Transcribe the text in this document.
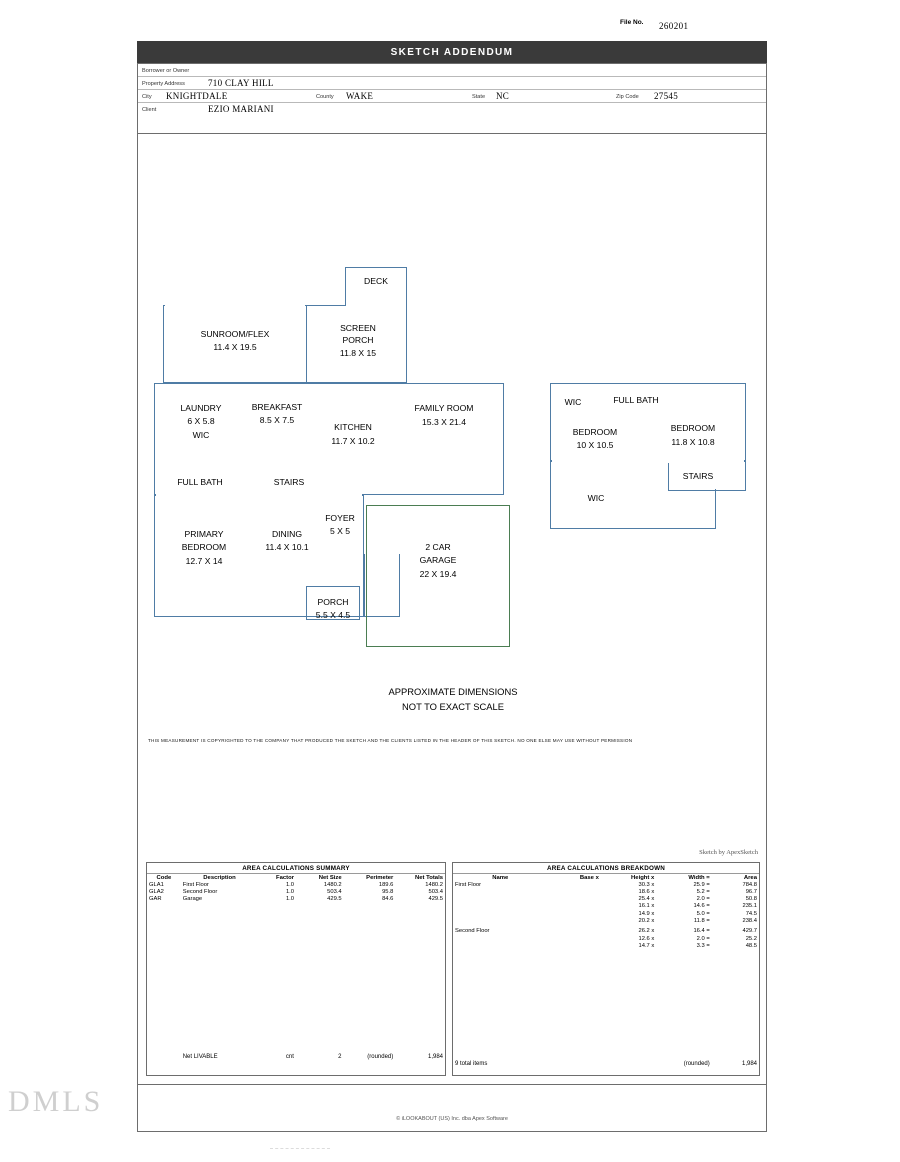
DMLS
File No. 260201
SKETCH ADDENDUM
Borrower or Owner
Property Address	710 CLAY HILL
City KNIGHTDALE	County WAKE	State NC	Zip Code 27545
Client	EZIO MARIANI
DECK
SUNROOM/FLEX
11.4 X 19.5
SCREEN
PORCH
11.8 X 15
LAUNDRY
6 X 5.8
WIC
BREAKFAST
8.5 X 7.5
KITCHEN
11.7 X 10.2
FAMILY ROOM
15.3 X 21.4
FULL BATH	STAIRS
FOYER
5 X 5
PRIMARY
BEDROOM
12.7 X 14
DINING
11.4 X 10.1
PORCH
5.5 X 4.5
2 CAR
GARAGE
22 X 19.4
WIC	FULL BATH
BEDROOM
10 X 10.5
BEDROOM
11.8 X 10.8
STAIRS
WIC
APPROXIMATE DIMENSIONS
NOT TO EXACT SCALE
THIS MEASUREMENT IS COPYRIGHTED TO THE COMPANY THAT PRODUCED THE SKETCH AND THE CLIENTS LISTED IN THE HEADER OF THIS SKETCH. NO ONE ELSE MAY USE WITHOUT PERMISSION
Sketch by ApexSketch
AREA CALCULATIONS SUMMARY
Code	Description	Factor	Net Size	Perimeter	Net Totals
GLA1	First Floor	1.0	1480.2	189.6	1480.2
GLA2	Second Floor	1.0	503.4	95.8	503.4
GAR	Garage	1.0	429.5	84.6	429.5
	Net LIVABLE	cnt	2	(rounded)	1,984
AREA CALCULATIONS BREAKDOWN
Name	Base x	Height x	Width =	Area
First Floor		30.3 x	25.9 =	784.8
		18.6 x	5.2 =	96.7
		25.4 x	2.0 =	50.8
		16.1 x	14.6 =	235.1
		14.9 x	5.0 =	74.5
		20.2 x	11.8 =	238.4
Second Floor		26.2 x	16.4 =	429.7
		12.6 x	2.0 =	25.2
		14.7 x	3.3 =	48.5
9 total items			(rounded)	1,984
© iLOOKABOUT (US) Inc. dba Apex Software
